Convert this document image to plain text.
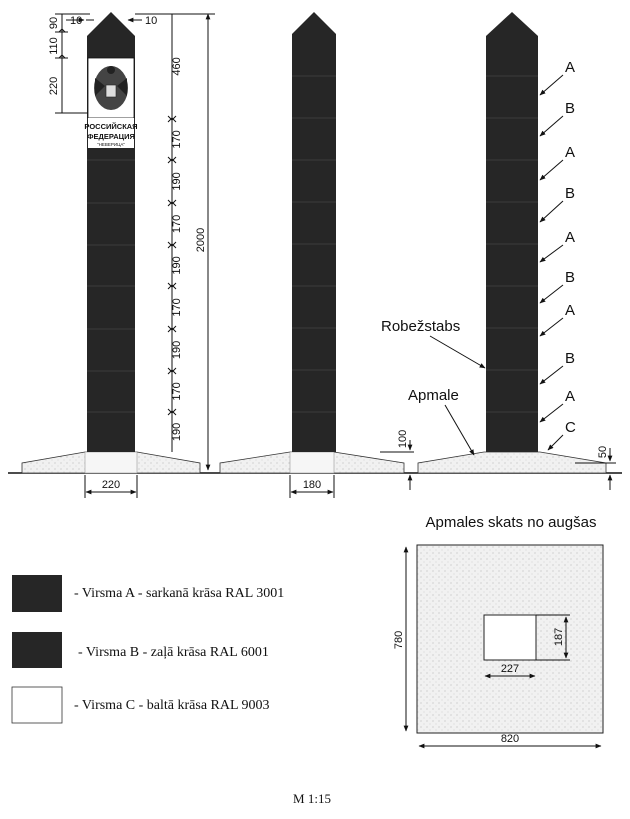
РОССИЙСКАЯ
ФЕДЕРАЦИЯ
"НЕВЕРИЦА"
10
90
110
220
10
460
170
190
170
190
170
190
170
190
2000
220	180
100
A
B
A
B
A
B
A
B
A
C
Robežstabs
Apmale
50
Apmales skats no augšas
780
820
227
187
- Virsma A - sarkanā krāsa RAL 3001
- Virsma B - zaļā krāsa RAL 6001
- Virsma C - baltā krāsa RAL 9003
M 1:15
